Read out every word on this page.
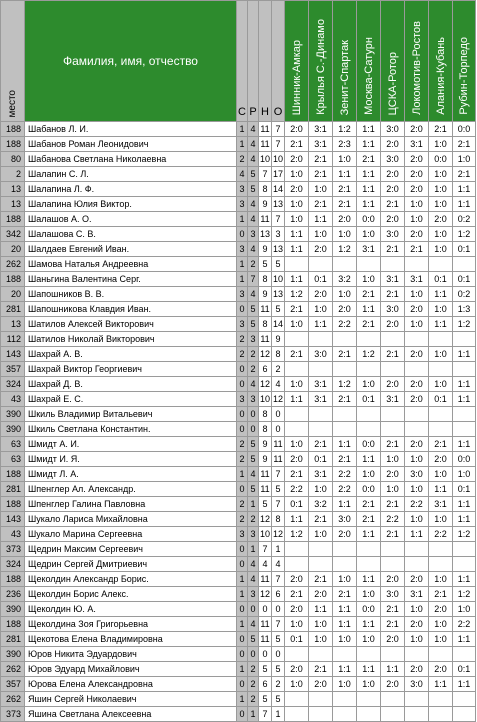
место	Фамилия, имя, отчество	С	Р	Н	О	Шинник-Амкар	Крылья С.-Динамо	Зенит-Спартак	Москва-Сатурн	ЦСКА-Ротор	Локомотив-Ростов	Алания-Кубань	Рубин-Торпедо
188	Шабанов Л. И.	1	4	11	7	2:0	3:1	1:2	1:1	3:0	2:0	2:1	0:0
188	Шабанов Роман Леонидович	1	4	11	7	2:1	3:1	2:3	1:1	2:0	3:1	1:0	2:1
80	Шабанова Светлана Николаевна	2	4	10	10	2:0	2:1	1:0	2:1	3:0	2:0	0:0	1:0
2	Шалапин С. Л.	4	5	7	17	1:0	2:1	1:1	1:1	2:0	2:0	1:0	2:1
13	Шалапина Л. Ф.	3	5	8	14	2:0	1:0	2:1	1:1	2:0	2:0	1:0	1:1
13	Шалапина Юлия Виктор.	3	4	9	13	1:0	2:1	2:1	1:1	2:1	1:0	1:0	1:1
188	Шалашов А. О.	1	4	11	7	1:0	1:1	2:0	0:0	2:0	1:0	2:0	0:2
342	Шалашова С. В.	0	3	13	3	1:1	1:0	1:0	1:0	3:0	2:0	1:0	1:2
20	Шалдаев Евгений Иван.	3	4	9	13	1:1	2:0	1:2	3:1	2:1	2:1	1:0	0:1
262	Шамова Наталья Андреевна	1	2	5	5								
188	Шаньгина Валентина Серг.	1	7	8	10	1:1	0:1	3:2	1:0	3:1	3:1	0:1	0:1
20	Шапошников В. В.	3	4	9	13	1:2	2:0	1:0	2:1	2:1	1:0	1:1	0:2
281	Шапошникова Клавдия Иван.	0	5	11	5	2:1	1:0	2:0	1:1	3:0	2:0	1:0	1:3
13	Шатилов Алексей Викторович	3	5	8	14	1:0	1:1	2:2	2:1	2:0	1:0	1:1	1:2
112	Шатилов Николай Викторович	2	3	11	9								
143	Шахрай А. В.	2	2	12	8	2:1	3:0	2:1	1:2	2:1	2:0	1:0	1:1
357	Шахрай Виктор Георгиевич	0	2	6	2								
324	Шахрай Д. В.	0	4	12	4	1:0	3:1	1:2	1:0	2:0	2:0	1:0	1:1
43	Шахрай Е. С.	3	3	10	12	1:1	3:1	2:1	0:1	3:1	2:0	0:1	1:1
390	Шкиль Владимир Витальевич	0	0	8	0								
390	Шкиль Светлана Константин.	0	0	8	0								
63	Шмидт А. И.	2	5	9	11	1:0	2:1	1:1	0:0	2:1	2:0	2:1	1:1
63	Шмидт И. Я.	2	5	9	11	2:0	0:1	2:1	1:1	1:0	1:0	2:0	0:0
188	Шмидт Л. А.	1	4	11	7	2:1	3:1	2:2	1:0	2:0	3:0	1:0	1:0
281	Шпенглер Ал. Александр.	0	5	11	5	2:2	1:0	2:2	0:0	1:0	1:0	1:1	0:1
188	Шпенглер Галина Павловна	2	1	5	7	0:1	3:2	1:1	2:1	2:1	2:2	3:1	1:1
143	Шукало Лариса Михайловна	2	2	12	8	1:1	2:1	3:0	2:1	2:2	1:0	1:0	1:1
43	Шукало Марина Сергеевна	3	3	10	12	1:2	1:0	2:0	1:1	2:1	1:1	2:2	1:2
373	Щедрин Максим Сергеевич	0	1	7	1								
324	Щедрин Сергей Дмитриевич	0	4	4	4								
188	Щеколдин Александр Борис.	1	4	11	7	2:0	2:1	1:0	1:1	2:0	2:0	1:0	1:1
236	Щеколдин Борис Алекс.	1	3	12	6	2:1	2:0	2:1	1:0	3:0	3:1	2:1	1:2
390	Щеколдин Ю. А.	0	0	0	0	2:0	1:1	1:1	0:0	2:1	1:0	2:0	1:0
188	Щеколдина Зоя Григорьевна	1	4	11	7	1:0	1:0	1:1	1:1	2:1	2:0	1:0	2:2
281	Щекотова Елена Владимировна	0	5	11	5	0:1	1:0	1:0	1:0	2:0	1:0	1:0	1:1
390	Юров Никита Эдуардович	0	0	0	0								
262	Юров Эдуард Михайлович	1	2	5	5	2:0	2:1	1:1	1:1	1:1	2:0	2:0	0:1
357	Юрова Елена Александровна	0	2	6	2	1:0	2:0	1:0	1:0	2:0	3:0	1:1	1:1
262	Яшин Сергей Николаевич	1	2	5	5								
373	Яшина Светлана Алексеевна	0	1	7	1								
